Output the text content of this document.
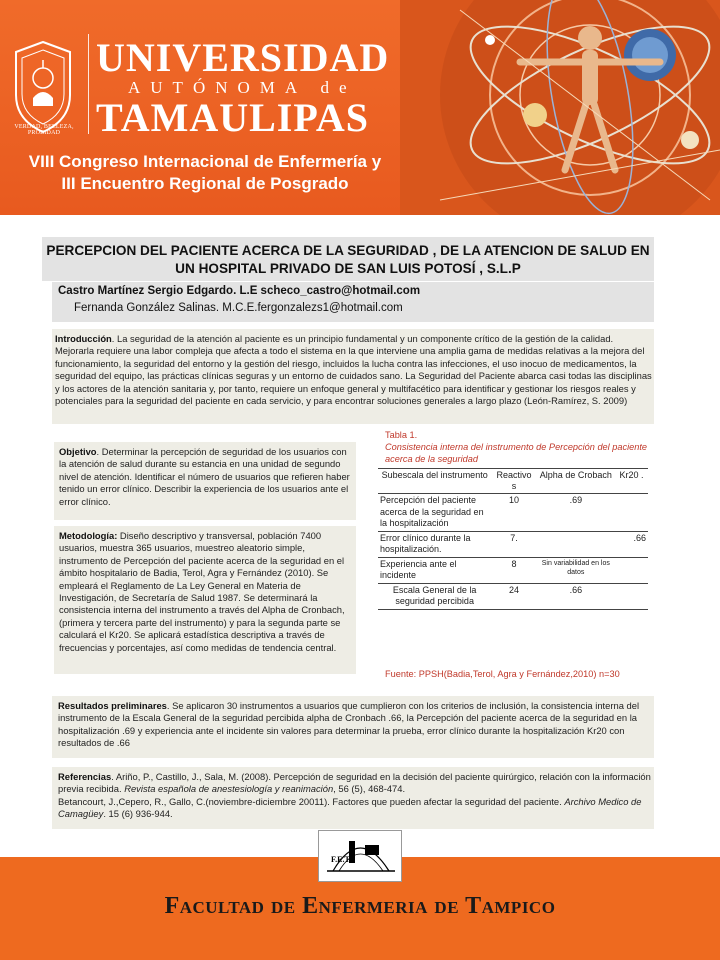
VERDAD, BELLEZA, PROBIDAD
UNIVERSIDAD
AUTÓNOMA de
TAMAULIPAS
VIII Congreso Internacional de Enfermería y
III Encuentro Regional de Posgrado
PERCEPCION DEL PACIENTE ACERCA DE LA SEGURIDAD , DE LA ATENCION DE SALUD EN UN HOSPITAL PRIVADO DE SAN LUIS POTOSÍ , S.L.P
Castro Martínez Sergio Edgardo. L.E scheco_castro@hotmail.com
Fernanda González Salinas. M.C.E.fergonzalezs1@hotmail.com
Introducción. La seguridad de la atención al paciente es un principio fundamental y un componente crítico de la gestión de la calidad. Mejorarla requiere una labor compleja que afecta a todo el sistema en la que interviene una amplia gama de medidas relativas a la mejora del funcionamiento, la seguridad del entorno y la gestión del riesgo, incluidos la lucha contra las infecciones, el uso inocuo de medicamentos, la seguridad del equipo, las prácticas clínicas seguras y un entorno de cuidados sano. La Seguridad del Paciente abarca casi todas las disciplinas y los actores de la atención sanitaria y, por tanto, requiere un enfoque general y multifacético para identificar y gestionar los riesgos reales y potenciales para la seguridad del paciente en cada servicio, y para encontrar soluciones generales a largo plazo (León-Ramírez, S. 2009)
Objetivo. Determinar la percepción de seguridad de los usuarios con la atención de salud durante su estancia en una unidad de segundo nivel de atención. Identificar el número de usuarios que refieren haber tenido un error clínico. Describir la experiencia de los usuarios ante el error clínico.
Metodología: Diseño descriptivo y transversal, población 7400 usuarios, muestra 365 usuarios, muestreo aleatorio simple, instrumento de Percepción del paciente acerca de la seguridad en el ámbito hospitalario de Badia, Terol, Agra y Fernández (2010). Se empleará el Reglamento de La Ley General en Materia de Investigación, de Secretaría de Salud 1987. Se determinará la consistencia interna del instrumento a través del Alpha de Cronbach, (primera y tercera parte del instrumento) y para la segunda parte se calculará el Kr20. Se aplicará estadística descriptiva a través de frecuencias y porcentajes, así como medidas de tendencia central.
Tabla 1.
Consistencia interna del instrumento de Percepción del paciente acerca de la seguridad
Subescala del instrumento	Reactivo s	Alpha de Crobach	Kr20 .
Percepción del paciente acerca de la seguridad en la hospitalización	10	.69	
Error clínico durante la hospitalización.	7.		.66
Experiencia ante el incidente	8	Sin variabilidad en los datos	
Escala General de la seguridad percibida	24	.66	
Fuente: PPSH(Badia,Terol, Agra y Fernández,2010) n=30
Resultados preliminares. Se aplicaron 30 instrumentos a usuarios que cumplieron con los criterios de inclusión, la consistencia interna del instrumento de la Escala General de la seguridad percibida alpha de Cronbach .66, la Percepción del paciente acerca de la seguridad en la hospitalización .69 y experiencia ante el incidente sin valores para determinar la prueba, error clínico durante la hospitalización Kr20 con resultados de .66
Referencias. Ariño, P., Castillo, J., Sala, M. (2008). Percepción de seguridad en la decisión del paciente quirúrgico, relación con la información previa recibida. Revista española de anestesiología y reanimación, 56 (5), 468-474.
Betancourt, J.,Cepero, R., Gallo, C.(noviembre-diciembre 20011). Factores que pueden afectar la seguridad del paciente. Archivo Medico de Camagüey. 15 (6) 936-944.
Facultad de Enfermeria de Tampico
F.E.T.
